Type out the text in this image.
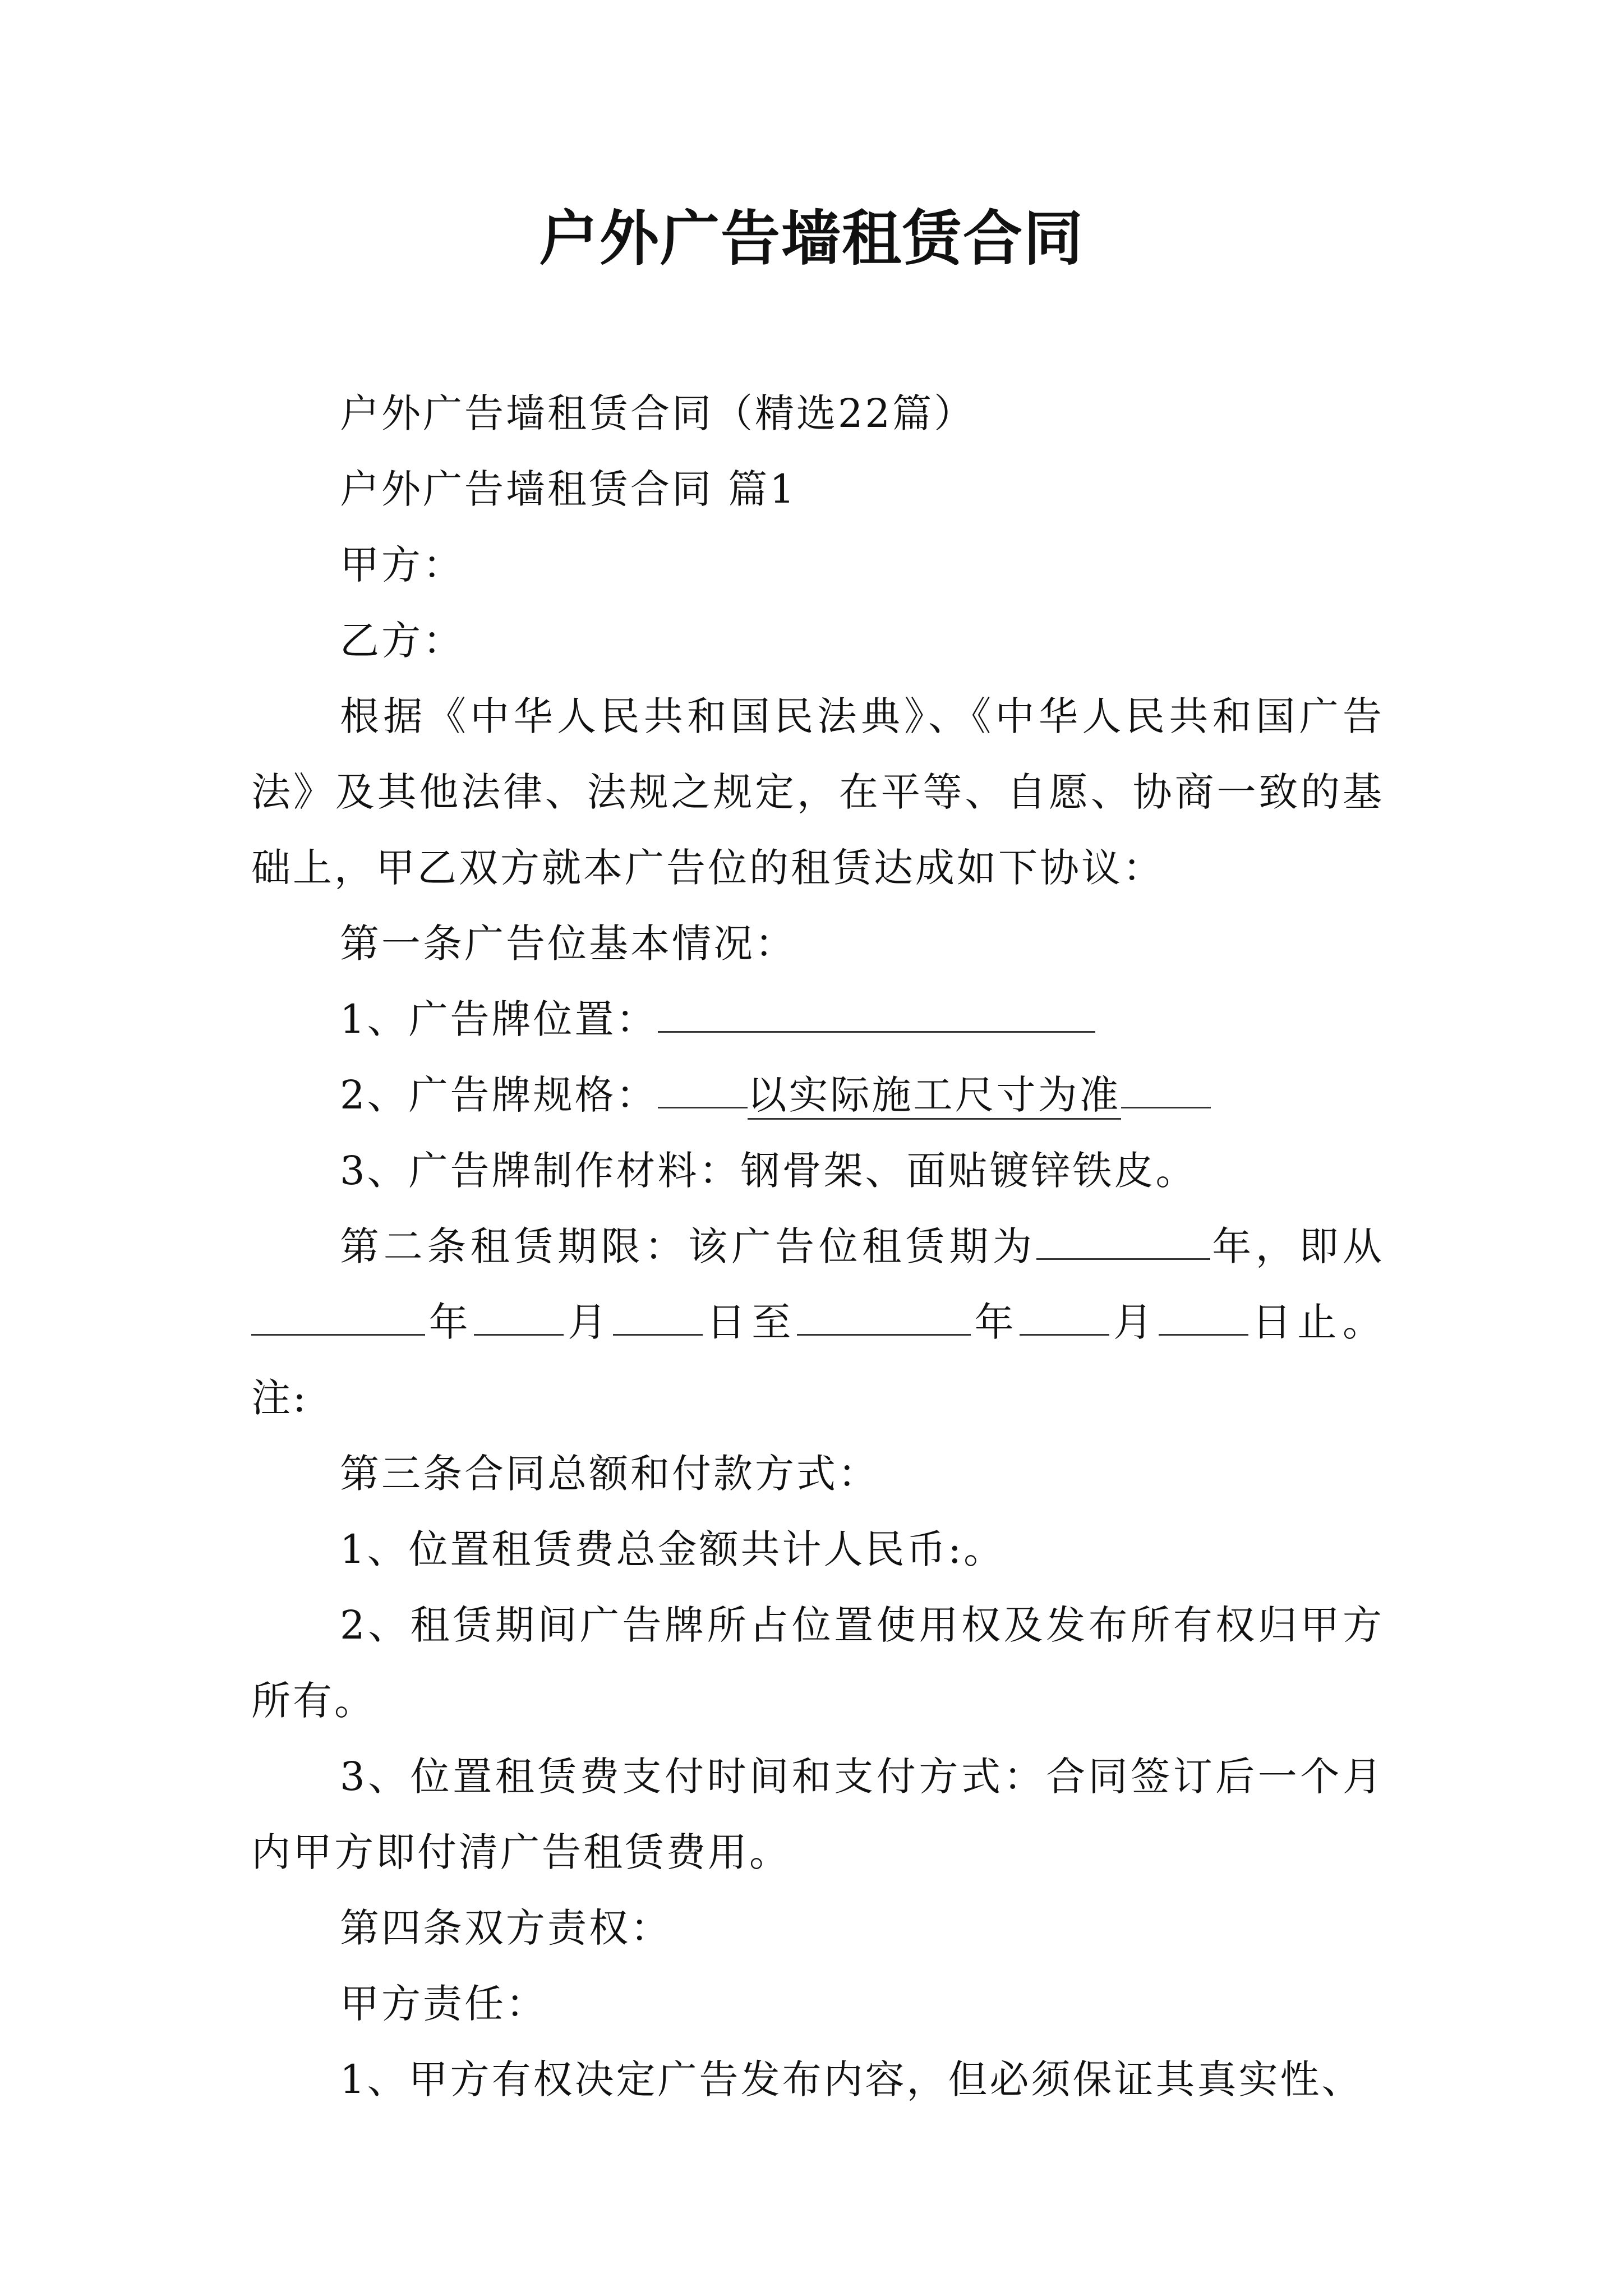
户外广告墙租赁合同

户外广告墙租赁合同（精选22篇）

户外广告墙租赁合同 篇1

甲方：

乙方：

根据《中华人民共和国民法典》、《中华人民共和国广告法》及其他法律、法规之规定，在平等、自愿、协商一致的基础上，甲乙双方就本广告位的租赁达成如下协议：

第一条广告位基本情况：

1、广告牌位置：

2、广告牌规格： 以实际施工尺寸为准

3、广告牌制作材料：钢骨架、面贴镀锌铁皮。

第二条租赁期限：该广告位租赁期为	年，即从年 月 日至	年 月 日止。注:

第三条合同总额和付款方式：

1、位置租赁费总金额共计人民币:。

2、租赁期间广告牌所占位置使用权及发布所有权归甲方所有。

3、位置租赁费支付时间和支付方式：合同签订后一个月内甲方即付清广告租赁费用。

第四条双方责权：

甲方责任：

1、甲方有权决定广告发布内容，但必须保证其真实性、
